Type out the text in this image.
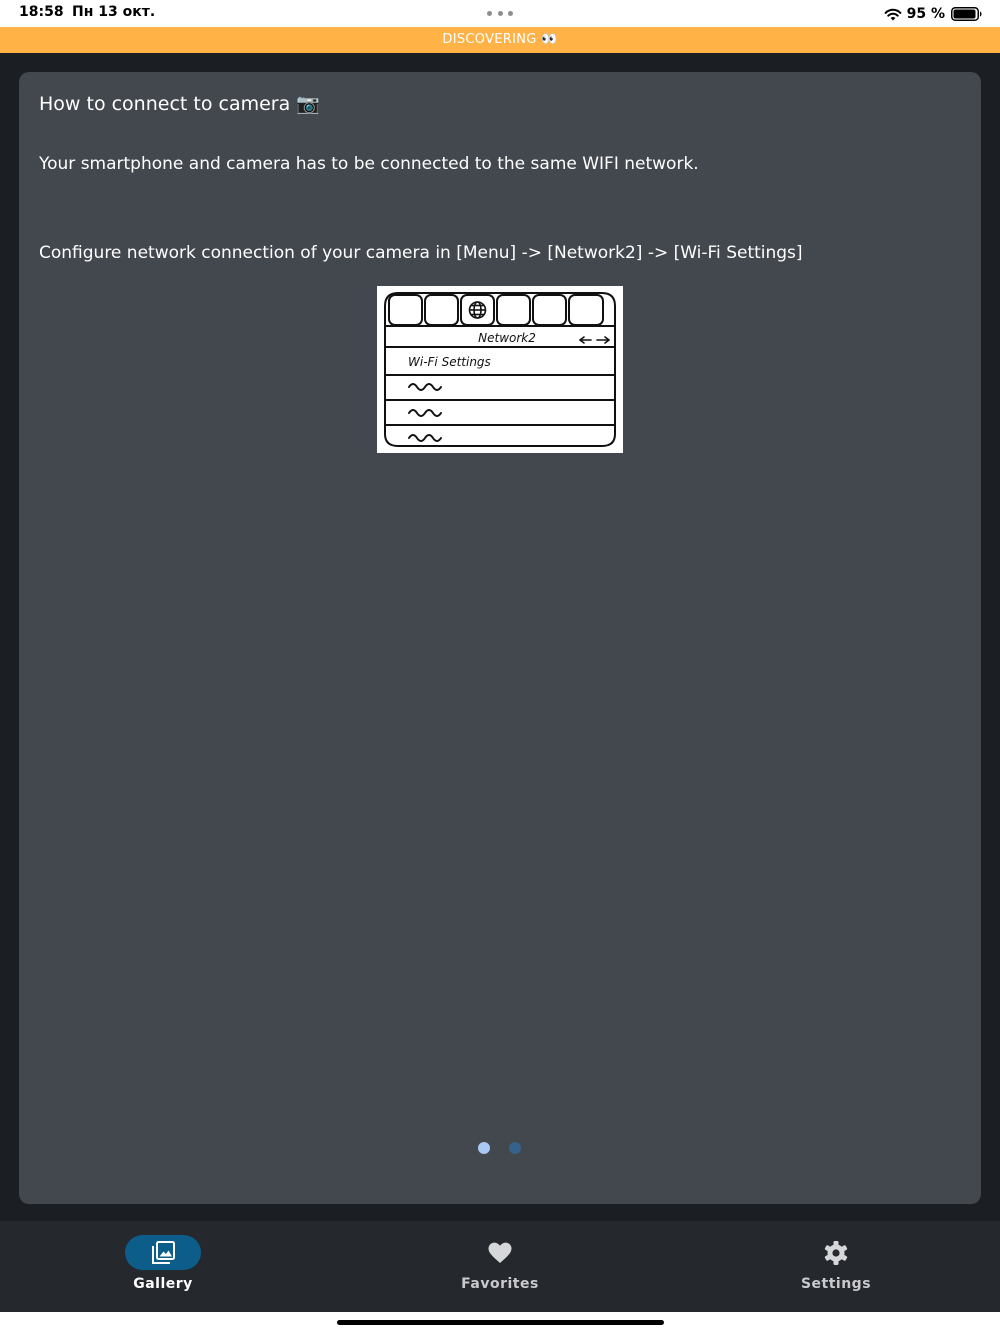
18:58 Пн 13 окт.	95 %
DISCOVERING 👀
How to connect to camera 📷
Your smartphone and camera has to be connected to the same WIFI network.
Configure network connection of your camera in [Menu] -> [Network2] -> [Wi-Fi Settings]
Network2
Wi-Fi Settings
Gallery	Favorites	Settings
